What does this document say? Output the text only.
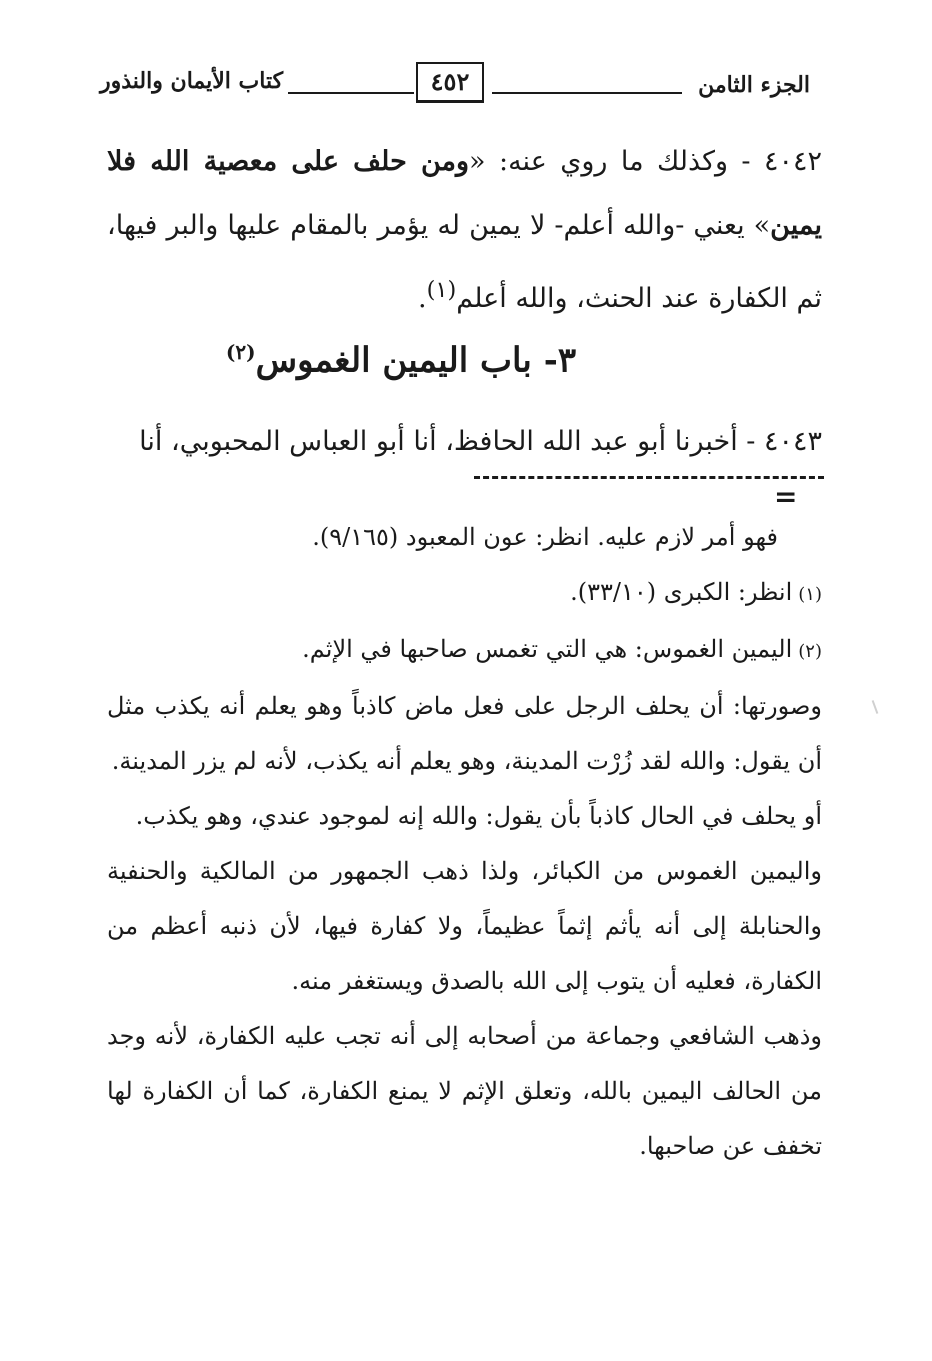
الجزء الثامن
٤٥٢
كتاب الأيمان والنذور
٤٠٤٢ - وكذلك ما روي عنه: «ومن حلف على معصية الله فلا يمين» يعني -والله أعلم- لا يمين له يؤمر بالمقام عليها والبر فيها، ثم الكفارة عند الحنث، والله أعلم$^{(١)}$.
٣- باب اليمين الغموس$^{(٢)}$
٤٠٤٣ - أخبرنا أبو عبد الله الحافظ، أنا أبو العباس المحبوبي، أنا
=
فهو أمر لازم عليه. انظر: عون المعبود (٩/١٦٥).
(١)انظر: الكبرى (٣٣/١٠).
(٢)اليمين الغموس: هي التي تغمس صاحبها في الإثم.
وصورتها: أن يحلف الرجل على فعل ماض كاذباً وهو يعلم أنه يكذب مثل أن يقول: والله لقد زُرْت المدينة، وهو يعلم أنه يكذب، لأنه لم يزر المدينة.
أو يحلف في الحال كاذباً بأن يقول: والله إنه لموجود عندي، وهو يكذب.
واليمين الغموس من الكبائر، ولذا ذهب الجمهور من المالكية والحنفية والحنابلة إلى أنه يأثم إثماً عظيماً، ولا كفارة فيها، لأن ذنبه أعظم من الكفارة، فعليه أن يتوب إلى الله بالصدق ويستغفر منه.
وذهب الشافعي وجماعة من أصحابه إلى أنه تجب عليه الكفارة، لأنه وجد من الحالف اليمين بالله، وتعلق الإثم لا يمنع الكفارة، كما أن الكفارة لها تخفف عن صاحبها.
